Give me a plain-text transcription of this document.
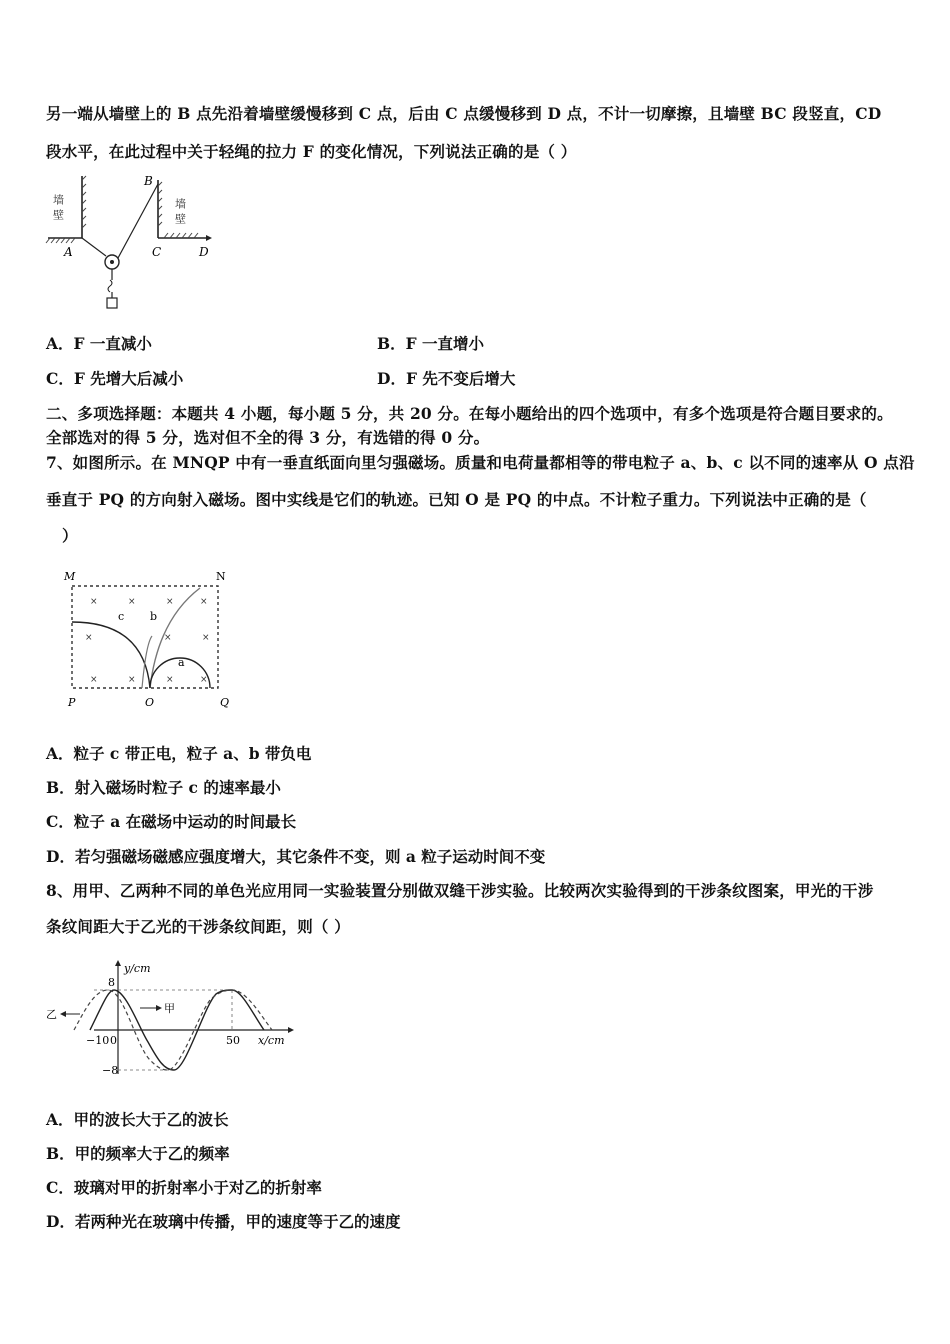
另一端从墙壁上的 B 点先沿着墙壁缓慢移到 C 点，后由 C 点缓慢移到 D 点，不计一切摩擦，且墙壁 BC 段竖直，CD
段水平，在此过程中关于轻绳的拉力 F 的变化情况，下列说法正确的是（ ）
墙壁	墙壁
A
B
C	D
A．F 一直减小	B．F 一直增小
C．F 先增大后减小	D．F 先不变后增大
二、多项选择题：本题共 4 小题，每小题 5 分，共 20 分。在每小题给出的四个选项中，有多个选项是符合题目要求的。
全部选对的得 5 分，选对但不全的得 3 分，有选错的得 0 分。
7、如图所示。在 MNQP 中有一垂直纸面向里匀强磁场。质量和电荷量都相等的带电粒子 a、b、c 以不同的速率从 O 点沿
垂直于 PQ 的方向射入磁场。图中实线是它们的轨迹。已知 O 是 PQ 的中点。不计粒子重力。下列说法中正确的是（
）
×	×	×	×
×	×	×
×	×	×	×
M	N
P	O	Q
c b
a
A．粒子 c 带正电，粒子 a、b 带负电
B．射入磁场时粒子 c 的速率最小
C．粒子 a 在磁场中运动的时间最长
D．若匀强磁场磁感应强度增大，其它条件不变，则 a 粒子运动时间不变
8、用甲、乙两种不同的单色光应用同一实验装置分别做双缝干涉实验。比较两次实验得到的干涉条纹图案，甲光的干涉
条纹间距大于乙光的干涉条纹间距，则（ ）
y/cm
x/cm
8
−8
−10 0	50
甲
乙
A．甲的波长大于乙的波长
B．甲的频率大于乙的频率
C．玻璃对甲的折射率小于对乙的折射率
D．若两种光在玻璃中传播，甲的速度等于乙的速度
